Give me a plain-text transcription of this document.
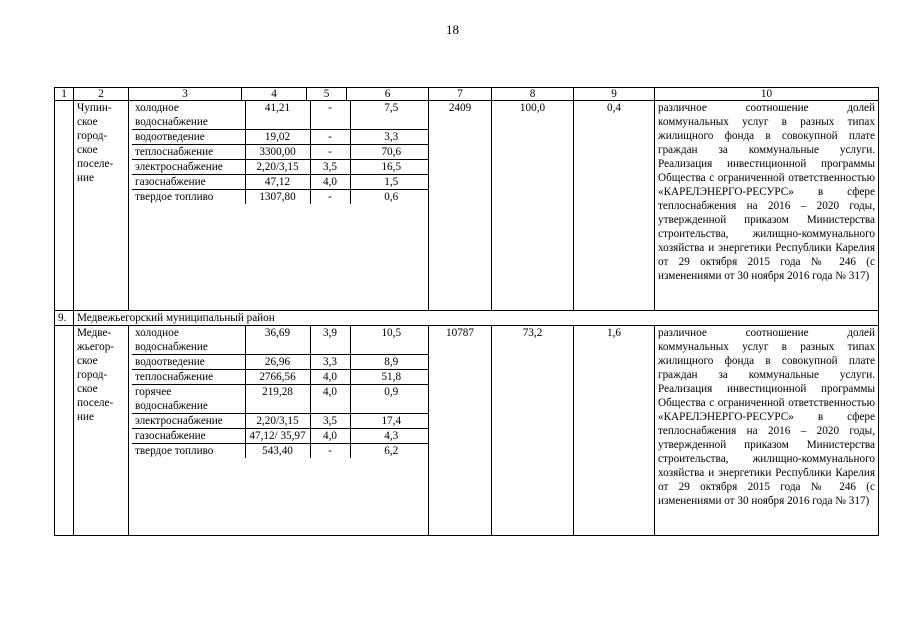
18
1	2	3	4	5	6	7	8	9	10
	Чупин-
ское
город-
ское
поселе-
ние	
холодное водоснабжение	41,21	-	7,5
водоотведение	19,02	-	3,3
теплоснабжение	3300,00	-	70,6
электроснабжение	2,20/3,15	3,5	16,5
газоснабжение	47,12	4,0	1,5
твердое топливо	1307,80	-	0,6
	2409	100,0	0,4	различное соотношение долей коммунальных услуг в разных типах жилищного фонда в совокупной плате граждан за коммунальные услуги. Реализация инвестиционной программы Общества с ограниченной ответственностью «КАРЕЛЭНЕРГО-РЕСУРС» в сфере теплоснабжения на 2016 – 2020 годы, утвержденной приказом Министерства строительства, жилищно-коммунального хозяйства и энергетики Республики Карелия от 29 октября 2015 года № 246 (с изменениями от 30 ноября 2016 года № 317)
9.	Медвежьегорский муниципальный район
	Медве-
жьегор-
ское
город-
ское
поселе-
ние	
холодное водоснабжение	36,69	3,9	10,5
водоотведение	26,96	3,3	8,9
теплоснабжение	2766,56	4,0	51,8
горячее водоснабжение	219,28	4,0	0,9
электроснабжение	2,20/3,15	3,5	17,4
газоснабжение	47,12/ 35,97	4,0	4,3
твердое топливо	543,40	-	6,2
	10787	73,2	1,6	различное соотношение долей коммунальных услуг в разных типах жилищного фонда в совокупной плате граждан за коммунальные услуги. Реализация инвестиционной программы Общества с ограниченной ответственностью «КАРЕЛЭНЕРГО-РЕСУРС» в сфере теплоснабжения на 2016 – 2020 годы, утвержденной приказом Министерства строительства, жилищно-коммунального хозяйства и энергетики Республики Карелия от 29 октября 2015 года № 246 (с изменениями от 30 ноября 2016 года № 317)
